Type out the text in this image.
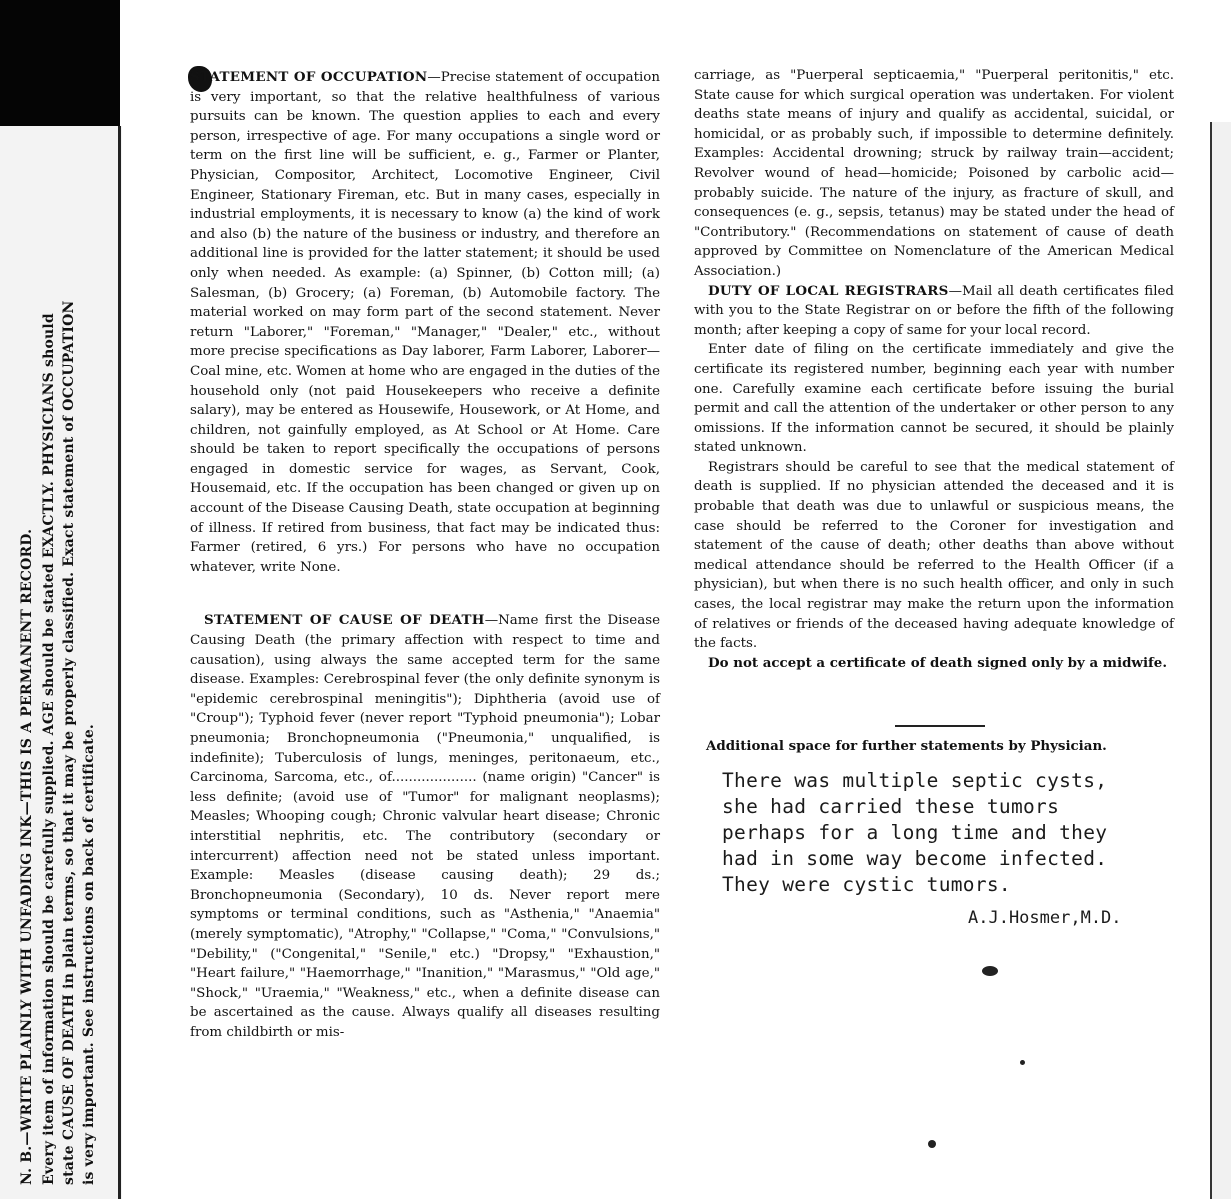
N. B.—WRITE PLAINLY WITH UNFADING INK—THIS IS A PERMANENT RECORD. Every item of information should be carefully supplied. AGE should be stated EXACTLY. PHYSICIANS should state CAUSE OF DEATH in plain terms, so that it may be properly classified. Exact statement of OCCUPATION is very important. See instructions on back of certificate.

STATEMENT OF OCCUPATION—Precise statement of occupation is very important, so that the relative healthfulness of various pursuits can be known. The question applies to each and every person, irrespective of age. For many occupations a single word or term on the first line will be sufficient, e. g., Farmer or Planter, Physician, Compositor, Architect, Locomotive Engineer, Civil Engineer, Stationary Fireman, etc. But in many cases, especially in industrial employments, it is necessary to know (a) the kind of work and also (b) the nature of the business or industry, and therefore an additional line is provided for the latter statement; it should be used only when needed. As example: (a) Spinner, (b) Cotton mill; (a) Salesman, (b) Grocery; (a) Foreman, (b) Automobile factory. The material worked on may form part of the second statement. Never return "Laborer," "Foreman," "Manager," "Dealer," etc., without more precise specifications as Day laborer, Farm Laborer, Laborer—Coal mine, etc. Women at home who are engaged in the duties of the household only (not paid Housekeepers who receive a definite salary), may be entered as Housewife, Housework, or At Home, and children, not gainfully employed, as At School or At Home. Care should be taken to report specifically the occupations of persons engaged in domestic service for wages, as Servant, Cook, Housemaid, etc. If the occupation has been changed or given up on account of the Disease Causing Death, state occupation at beginning of illness. If retired from business, that fact may be indicated thus: Farmer (retired, 6 yrs.) For persons who have no occupation whatever, write None.

STATEMENT OF CAUSE OF DEATH—Name first the Disease Causing Death (the primary affection with respect to time and causation), using always the same accepted term for the same disease. Examples: Cerebrospinal fever (the only definite synonym is "epidemic cerebrospinal meningitis"); Diphtheria (avoid use of "Croup"); Typhoid fever (never report "Typhoid pneumonia"); Lobar pneumonia; Bronchopneumonia ("Pneumonia," unqualified, is indefinite); Tuberculosis of lungs, meninges, peritonaeum, etc., Carcinoma, Sarcoma, etc., of.................... (name origin) "Cancer" is less definite; (avoid use of "Tumor" for malignant neoplasms); Measles; Whooping cough; Chronic valvular heart disease; Chronic interstitial nephritis, etc. The contributory (secondary or intercurrent) affection need not be stated unless important. Example: Measles (disease causing death); 29 ds.; Bronchopneumonia (Secondary), 10 ds. Never report mere symptoms or terminal conditions, such as "Asthenia," "Anaemia" (merely symptomatic), "Atrophy," "Collapse," "Coma," "Convulsions," "Debility," ("Congenital," "Senile," etc.) "Dropsy," "Exhaustion," "Heart failure," "Haemorrhage," "Inanition," "Marasmus," "Old age," "Shock," "Uraemia," "Weakness," etc., when a definite disease can be ascertained as the cause. Always qualify all diseases resulting from childbirth or mis-

carriage, as "Puerperal septicaemia," "Puerperal peritonitis," etc. State cause for which surgical operation was undertaken. For violent deaths state means of injury and qualify as accidental, suicidal, or homicidal, or as probably such, if impossible to determine definitely. Examples: Accidental drowning; struck by railway train—accident; Revolver wound of head—homicide; Poisoned by carbolic acid—probably suicide. The nature of the injury, as fracture of skull, and consequences (e. g., sepsis, tetanus) may be stated under the head of "Contributory." (Recommendations on statement of cause of death approved by Committee on Nomenclature of the American Medical Association.)

DUTY OF LOCAL REGISTRARS—Mail all death certificates filed with you to the State Registrar on or before the fifth of the following month; after keeping a copy of same for your local record.

Enter date of filing on the certificate immediately and give the certificate its registered number, beginning each year with number one. Carefully examine each certificate before issuing the burial permit and call the attention of the undertaker or other person to any omissions. If the information cannot be secured, it should be plainly stated unknown.

Registrars should be careful to see that the medical statement of death is supplied. If no physician attended the deceased and it is probable that death was due to unlawful or suspicious means, the case should be referred to the Coroner for investigation and statement of the cause of death; other deaths than above without medical attendance should be referred to the Health Officer (if a physician), but when there is no such health officer, and only in such cases, the local registrar may make the return upon the information of relatives or friends of the deceased having adequate knowledge of the facts.

Do not accept a certificate of death signed only by a midwife.

Additional space for further statements by Physician.
There was multiple septic cysts,
she had carried these tumors
perhaps for a long time and they
had in some way become infected.
They were cystic tumors.
A.J.Hosmer,M.D.
